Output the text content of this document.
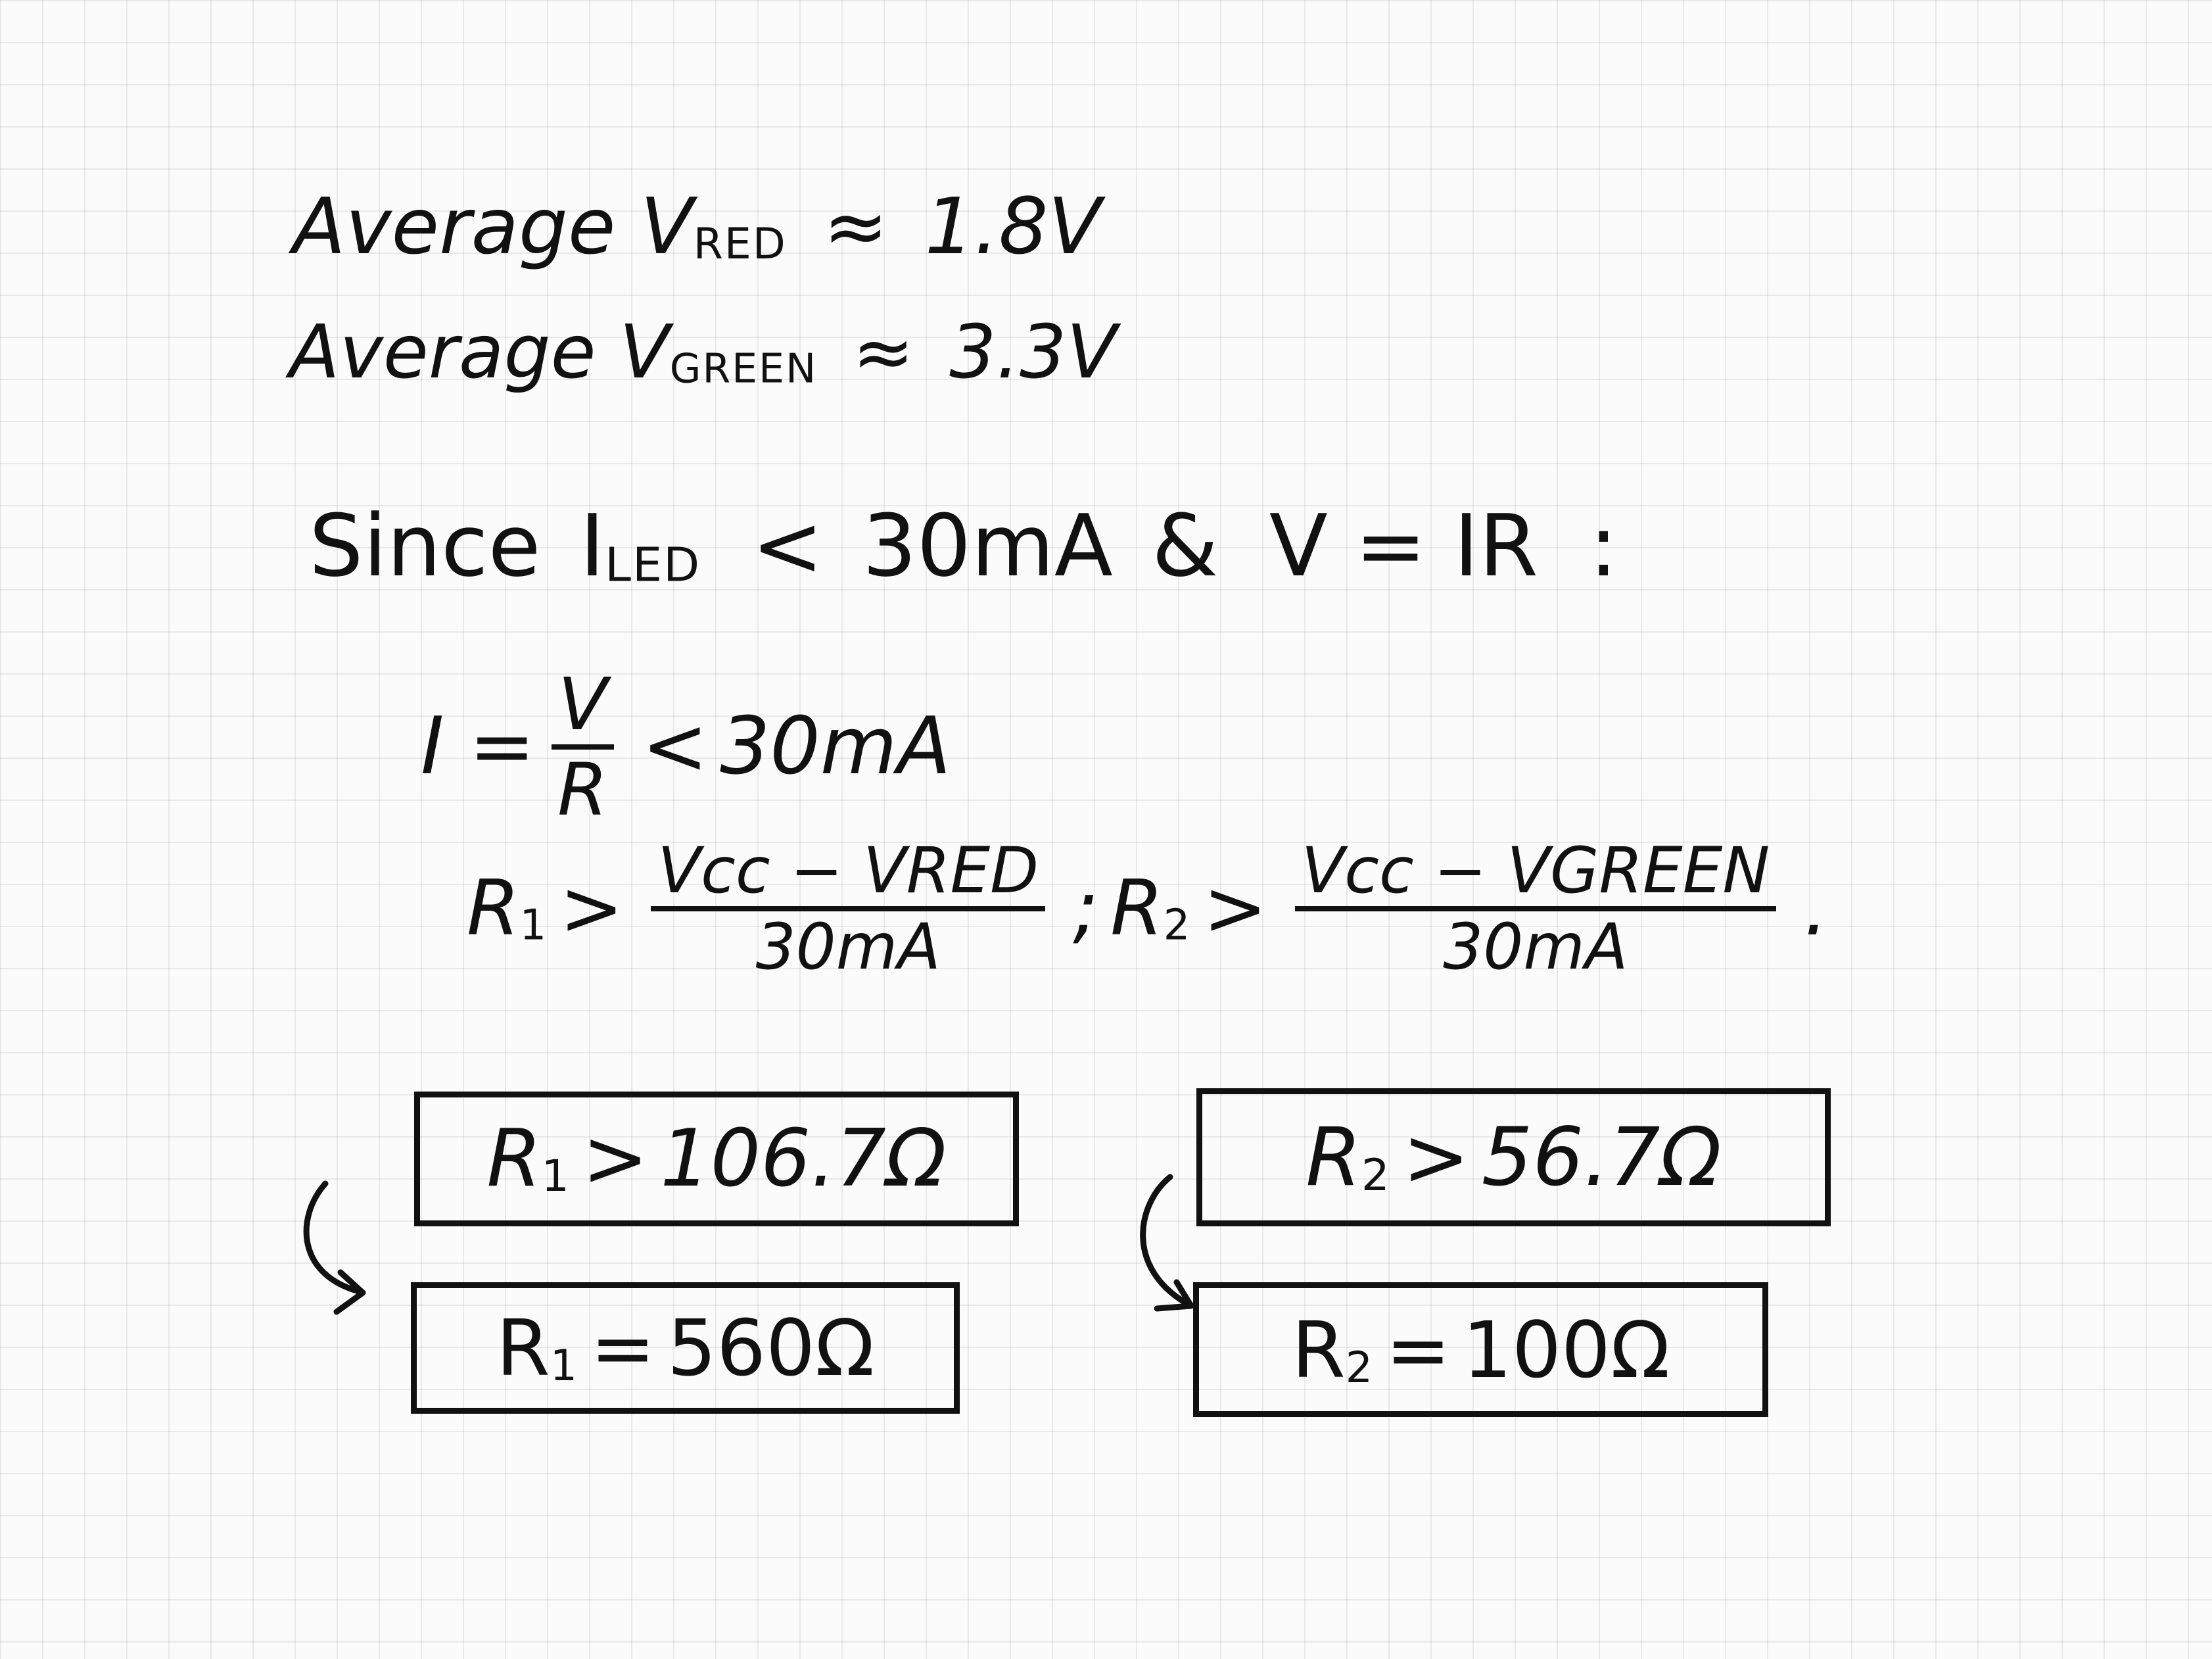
Average VRED ≈ 1.8V
Average VGREEN ≈ 3.3V
Since ILED < 30mA & V = IR :
$I = \frac{V}{R} < 30mA$
$R1 > \frac{\text{Vcc − VRED}}{30mA}$ ; $R2 > \frac{\text{Vcc − VGREEN}}{30mA}$ .
R1 > 106.7Ω
R1 = 560Ω
R2 > 56.7Ω
R2 = 100Ω
